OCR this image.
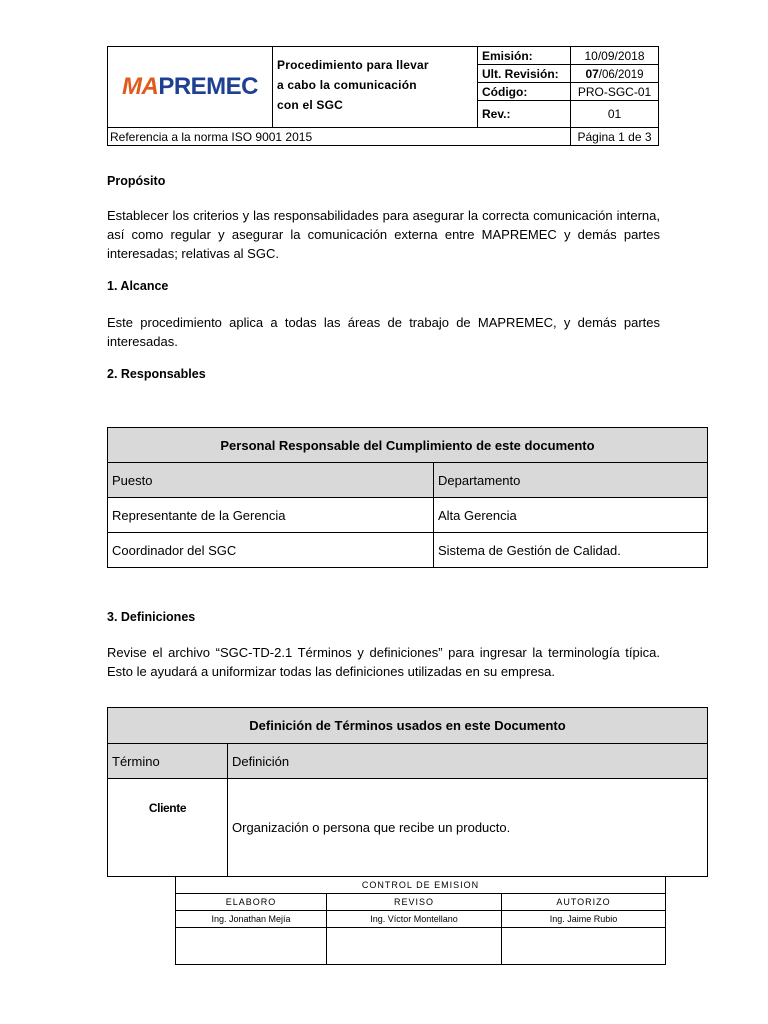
MAPREMEC	Procedimiento para llevar
a cabo la comunicación
con el SGC	Emisión:	10/09/2018
		Ult. Revisión:	07/06/2019
		Código:	PRO-SGC-01
		Rev.:	01
Referencia a la norma ISO 9001 2015			Página 1 de 3
Propósito
Establecer los criterios y las responsabilidades para asegurar la correcta comunicación interna, así como regular y asegurar la comunicación externa entre MAPREMEC y demás partes interesadas; relativas al SGC.
1. Alcance
Este procedimiento aplica a todas las áreas de trabajo de MAPREMEC, y demás partes interesadas.
2. Responsables
Personal Responsable del Cumplimiento de este documento	
Puesto	Departamento
Representante de la Gerencia	Alta Gerencia
Coordinador del SGC	Sistema de Gestión de Calidad.
3. Definiciones
Revise el archivo “SGC-TD-2.1 Términos y definiciones” para ingresar la terminología típica. Esto le ayudará a uniformizar todas las definiciones utilizadas en su empresa.
Definición de Términos usados en este Documento	
Término	Definición
Cliente	Organización o persona que recibe un producto.
CONTROL DE EMISION		
ELABORO	REVISO	AUTORIZO
Ing. Jonathan Mejía	Ing. Víctor Montellano	Ing. Jaime Rubio
